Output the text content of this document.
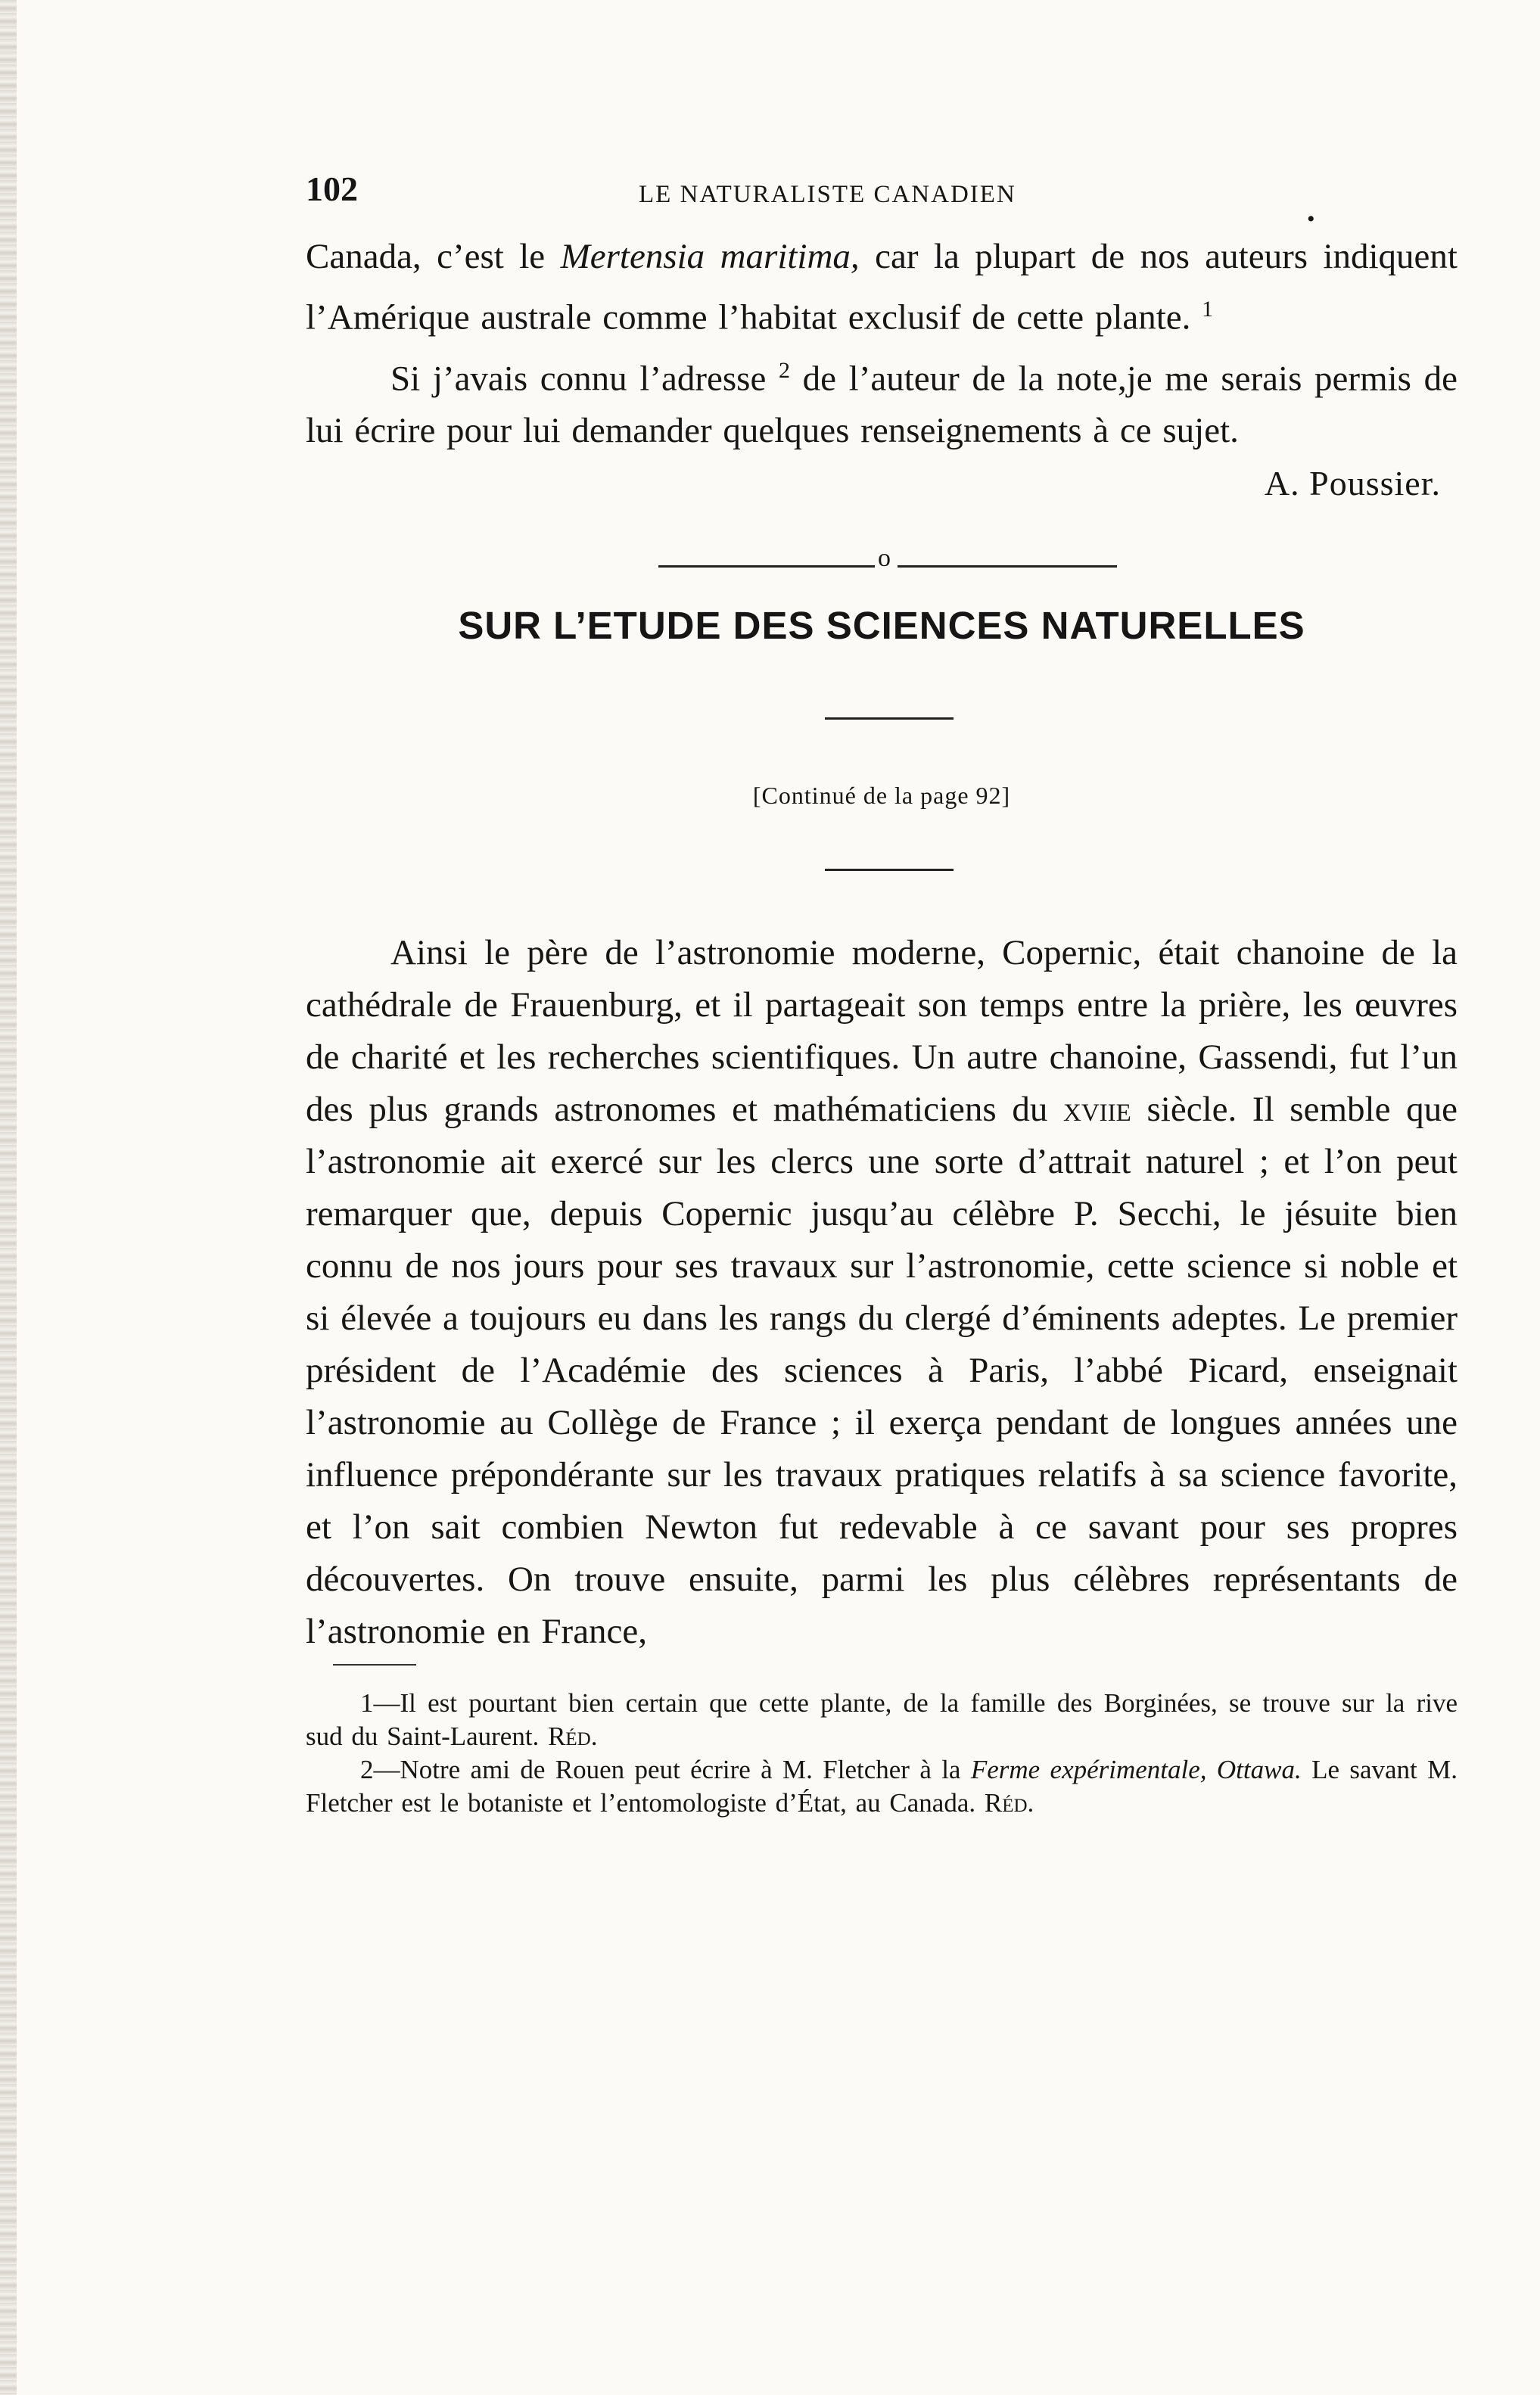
102	LE NATURALISTE CANADIEN
•

Canada, c’est le Mertensia maritima, car la plupart de nos auteurs indiquent l’Amérique australe comme l’habitat exclusif de cette plante. $^1$

Si j’avais connu l’adresse $^2$ de l’auteur de la note,je me serais permis de lui écrire pour lui demander quelques renseignements à ce sujet.

A. Poussier.
o
SUR L’ETUDE DES SCIENCES NATURELLES
[Continué de la page 92]

Ainsi le père de l’astronomie moderne, Copernic, était chanoine de la cathédrale de Frauenburg, et il partageait son temps entre la prière, les œuvres de charité et les recherches scientifiques. Un autre chanoine, Gassendi, fut l’un des plus grands astronomes et mathématiciens du xviie siècle. Il semble que l’astronomie ait exercé sur les clercs une sorte d’attrait naturel ; et l’on peut remarquer que, depuis Copernic jusqu’au célèbre P. Secchi, le jésuite bien connu de nos jours pour ses travaux sur l’astronomie, cette science si noble et si élevée a toujours eu dans les rangs du clergé d’éminents adeptes. Le premier président de l’Académie des sciences à Paris, l’abbé Picard, enseignait l’astronomie au Collège de France ; il exerça pendant de longues années une influence prépondérante sur les travaux pratiques relatifs à sa science favorite, et l’on sait combien Newton fut redevable à ce savant pour ses propres découvertes. On trouve ensuite, parmi les plus célèbres représentants de l’astronomie en France,

1—Il est pourtant bien certain que cette plante, de la famille des Borginées, se trouve sur la rive sud du Saint-Laurent. Réd.

2—Notre ami de Rouen peut écrire à M. Fletcher à la Ferme expérimentale, Ottawa. Le savant M. Fletcher est le botaniste et l’entomologiste d’État, au Canada. Réd.
